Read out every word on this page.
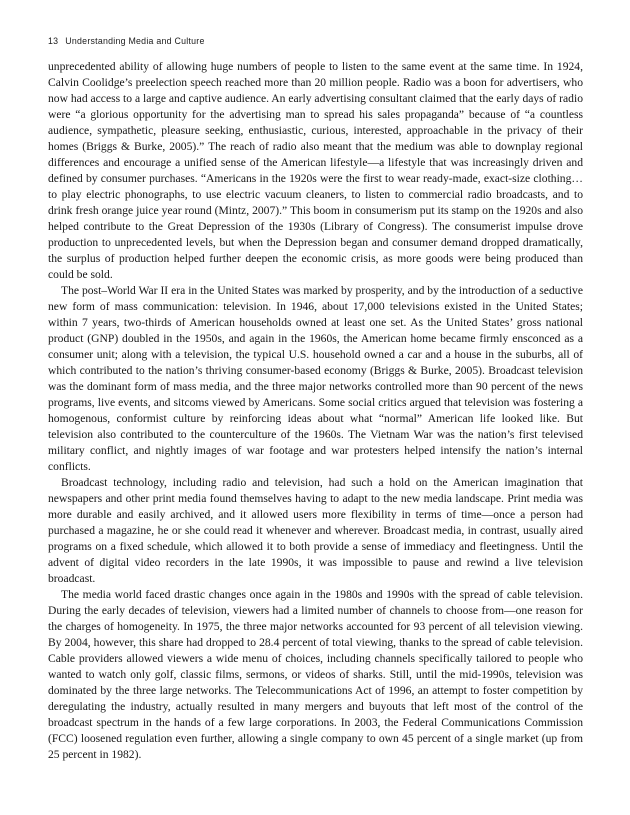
13 Understanding Media and Culture

unprecedented ability of allowing huge numbers of people to listen to the same event at the same time. In 1924, Calvin Coolidge’s preelection speech reached more than 20 million people. Radio was a boon for advertisers, who now had access to a large and captive audience. An early advertising consultant claimed that the early days of radio were “a glorious opportunity for the advertising man to spread his sales propaganda” because of “a countless audience, sympathetic, pleasure seeking, enthusiastic, curious, interested, approachable in the privacy of their homes (Briggs & Burke, 2005).” The reach of radio also meant that the medium was able to downplay regional differences and encourage a unified sense of the American lifestyle—a lifestyle that was increasingly driven and defined by consumer purchases. “Americans in the 1920s were the first to wear ready-made, exact-size clothing…to play electric phonographs, to use electric vacuum cleaners, to listen to commercial radio broadcasts, and to drink fresh orange juice year round (Mintz, 2007).” This boom in consumerism put its stamp on the 1920s and also helped contribute to the Great Depression of the 1930s (Library of Congress). The consumerist impulse drove production to unprecedented levels, but when the Depression began and consumer demand dropped dramatically, the surplus of production helped further deepen the economic crisis, as more goods were being produced than could be sold.

The post–World War II era in the United States was marked by prosperity, and by the introduction of a seductive new form of mass communication: television. In 1946, about 17,000 televisions existed in the United States; within 7 years, two-thirds of American households owned at least one set. As the United States’ gross national product (GNP) doubled in the 1950s, and again in the 1960s, the American home became firmly ensconced as a consumer unit; along with a television, the typical U.S. household owned a car and a house in the suburbs, all of which contributed to the nation’s thriving consumer-based economy (Briggs & Burke, 2005). Broadcast television was the dominant form of mass media, and the three major networks controlled more than 90 percent of the news programs, live events, and sitcoms viewed by Americans. Some social critics argued that television was fostering a homogenous, conformist culture by reinforcing ideas about what “normal” American life looked like. But television also contributed to the counterculture of the 1960s. The Vietnam War was the nation’s first televised military conflict, and nightly images of war footage and war protesters helped intensify the nation’s internal conflicts.

Broadcast technology, including radio and television, had such a hold on the American imagination that newspapers and other print media found themselves having to adapt to the new media landscape. Print media was more durable and easily archived, and it allowed users more flexibility in terms of time—once a person had purchased a magazine, he or she could read it whenever and wherever. Broadcast media, in contrast, usually aired programs on a fixed schedule, which allowed it to both provide a sense of immediacy and fleetingness. Until the advent of digital video recorders in the late 1990s, it was impossible to pause and rewind a live television broadcast.

The media world faced drastic changes once again in the 1980s and 1990s with the spread of cable television. During the early decades of television, viewers had a limited number of channels to choose from—one reason for the charges of homogeneity. In 1975, the three major networks accounted for 93 percent of all television viewing. By 2004, however, this share had dropped to 28.4 percent of total viewing, thanks to the spread of cable television. Cable providers allowed viewers a wide menu of choices, including channels specifically tailored to people who wanted to watch only golf, classic films, sermons, or videos of sharks. Still, until the mid-1990s, television was dominated by the three large networks. The Telecommunications Act of 1996, an attempt to foster competition by deregulating the industry, actually resulted in many mergers and buyouts that left most of the control of the broadcast spectrum in the hands of a few large corporations. In 2003, the Federal Communications Commission (FCC) loosened regulation even further, allowing a single company to own 45 percent of a single market (up from 25 percent in 1982).
